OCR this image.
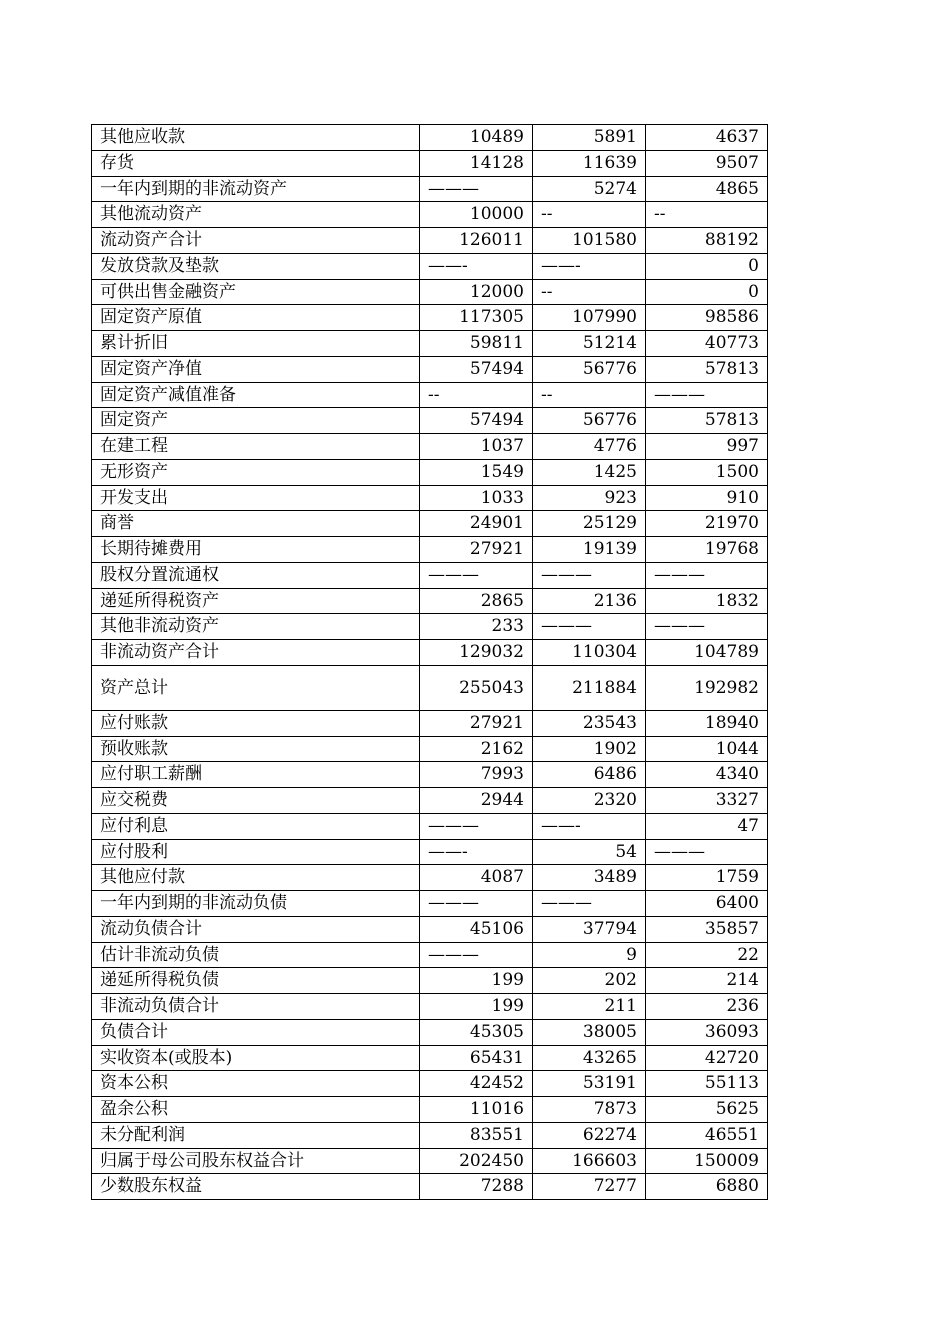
其他应收款	10489	5891	4637
存货	14128	11639	9507
一年内到期的非流动资产	———	5274	4865
其他流动资产	10000	--	--
流动资产合计	126011	101580	88192
发放贷款及垫款	——-	——-	0
可供出售金融资产	12000	--	0
固定资产原值	117305	107990	98586
累计折旧	59811	51214	40773
固定资产净值	57494	56776	57813
固定资产减值准备	--	--	———
固定资产	57494	56776	57813
在建工程	1037	4776	997
无形资产	1549	1425	1500
开发支出	1033	923	910
商誉	24901	25129	21970
长期待摊费用	27921	19139	19768
股权分置流通权	———	———	———
递延所得税资产	2865	2136	1832
其他非流动资产	233	———	———
非流动资产合计	129032	110304	104789
资产总计	255043	211884	192982
应付账款	27921	23543	18940
预收账款	2162	1902	1044
应付职工薪酬	7993	6486	4340
应交税费	2944	2320	3327
应付利息	———	——-	47
应付股利	——-	54	———
其他应付款	4087	3489	1759
一年内到期的非流动负债	———	———	6400
流动负债合计	45106	37794	35857
估计非流动负债	———	9	22
递延所得税负债	199	202	214
非流动负债合计	199	211	236
负债合计	45305	38005	36093
实收资本(或股本)	65431	43265	42720
资本公积	42452	53191	55113
盈余公积	11016	7873	5625
未分配利润	83551	62274	46551
归属于母公司股东权益合计	202450	166603	150009
少数股东权益	7288	7277	6880
